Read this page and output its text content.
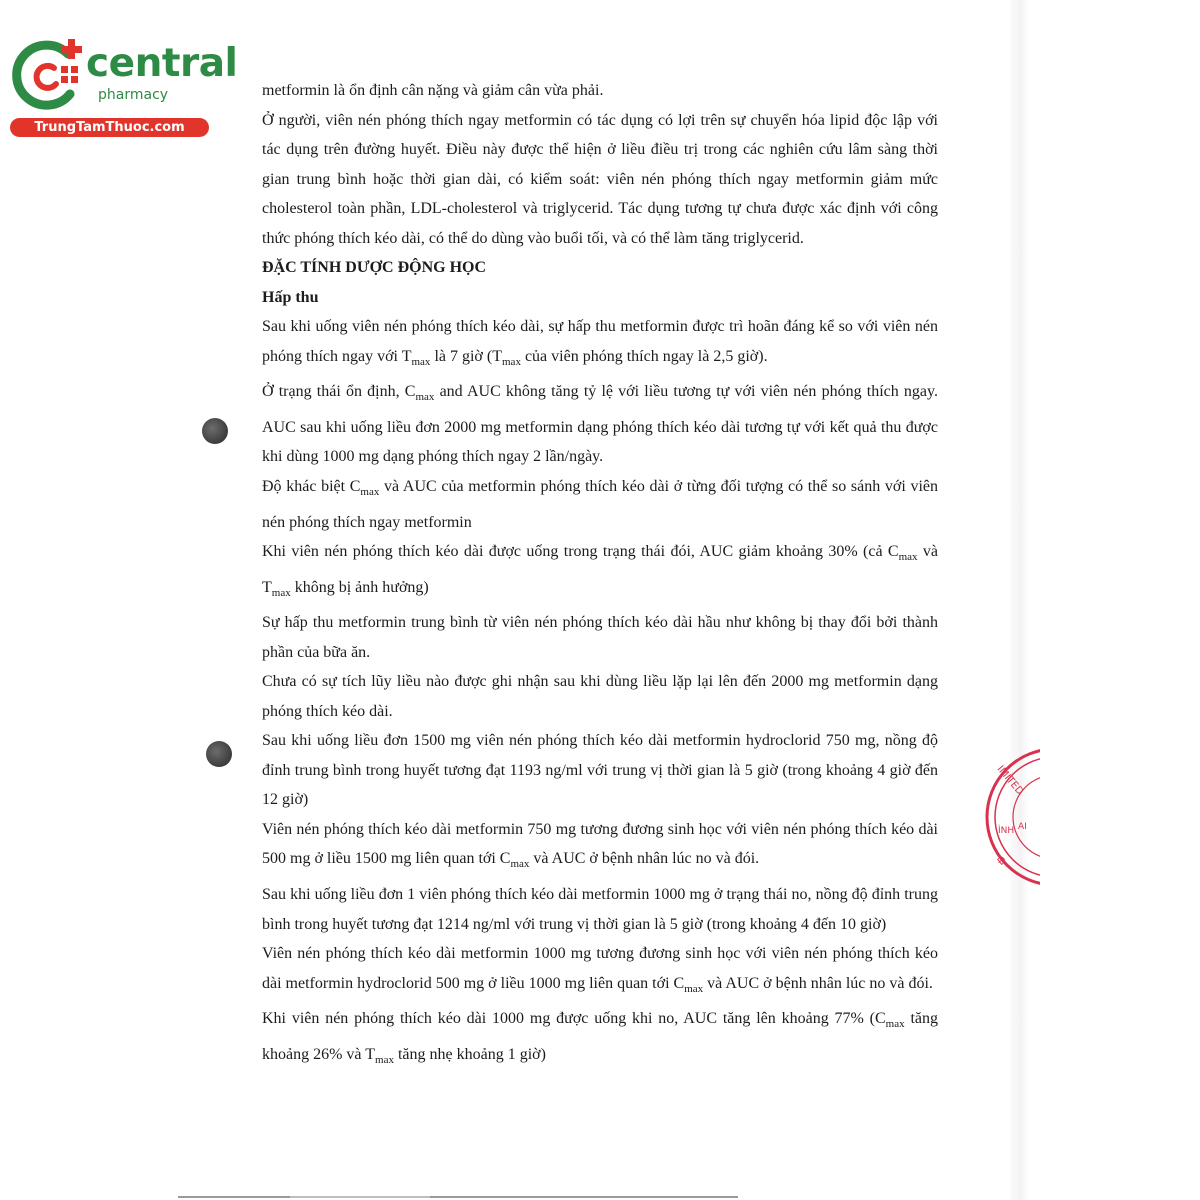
central
pharmacy
TrungTamThuoc.com
IMITED
ÌNH AI
Đ

metformin là ổn định cân nặng và giảm cân vừa phải.

Ở người, viên nén phóng thích ngay metformin có tác dụng có lợi trên sự chuyển hóa lipid độc lập với tác dụng trên đường huyết. Điều này được thể hiện ở liều điều trị trong các nghiên cứu lâm sàng thời gian trung bình hoặc thời gian dài, có kiểm soát: viên nén phóng thích ngay metformin giảm mức cholesterol toàn phần, LDL-cholesterol và triglycerid. Tác dụng tương tự chưa được xác định với công thức phóng thích kéo dài, có thể do dùng vào buổi tối, và có thể làm tăng triglycerid.

ĐẶC TÍNH DƯỢC ĐỘNG HỌC
Hấp thu

Sau khi uống viên nén phóng thích kéo dài, sự hấp thu metformin được trì hoãn đáng kể so với viên nén phóng thích ngay với $T_{max}$ là 7 giờ ($T_{max}$ của viên phóng thích ngay là 2,5 giờ).

Ở trạng thái ổn định, $C_{max}$ and AUC không tăng tỷ lệ với liều tương tự với viên nén phóng thích ngay. AUC sau khi uống liều đơn 2000 mg metformin dạng phóng thích kéo dài tương tự với kết quả thu được khi dùng 1000 mg dạng phóng thích ngay 2 lần/ngày.

Độ khác biệt $C_{max}$ và AUC của metformin phóng thích kéo dài ở từng đối tượng có thể so sánh với viên nén phóng thích ngay metformin

Khi viên nén phóng thích kéo dài được uống trong trạng thái đói, AUC giảm khoảng 30% (cả $C_{max}$ và $T_{max}$ không bị ảnh hưởng)

Sự hấp thu metformin trung bình từ viên nén phóng thích kéo dài hầu như không bị thay đổi bởi thành phần của bữa ăn.

Chưa có sự tích lũy liều nào được ghi nhận sau khi dùng liều lặp lại lên đến 2000 mg metformin dạng phóng thích kéo dài.

Sau khi uống liều đơn 1500 mg viên nén phóng thích kéo dài metformin hydroclorid 750 mg, nồng độ đỉnh trung bình trong huyết tương đạt 1193 ng/ml với trung vị thời gian là 5 giờ (trong khoảng 4 giờ đến 12 giờ)

Viên nén phóng thích kéo dài metformin 750 mg tương đương sinh học với viên nén phóng thích kéo dài 500 mg ở liều 1500 mg liên quan tới $C_{max}$ và AUC ở bệnh nhân lúc no và đói.

Sau khi uống liều đơn 1 viên phóng thích kéo dài metformin 1000 mg ở trạng thái no, nồng độ đỉnh trung bình trong huyết tương đạt 1214 ng/ml với trung vị thời gian là 5 giờ (trong khoảng 4 đến 10 giờ)

Viên nén phóng thích kéo dài metformin 1000 mg tương đương sinh học với viên nén phóng thích kéo dài metformin hydroclorid 500 mg ở liều 1000 mg liên quan tới $C_{max}$ và AUC ở bệnh nhân lúc no và đói.

Khi viên nén phóng thích kéo dài 1000 mg được uống khi no, AUC tăng lên khoảng 77% ($C_{max}$ tăng khoảng 26% và $T_{max}$ tăng nhẹ khoảng 1 giờ)
